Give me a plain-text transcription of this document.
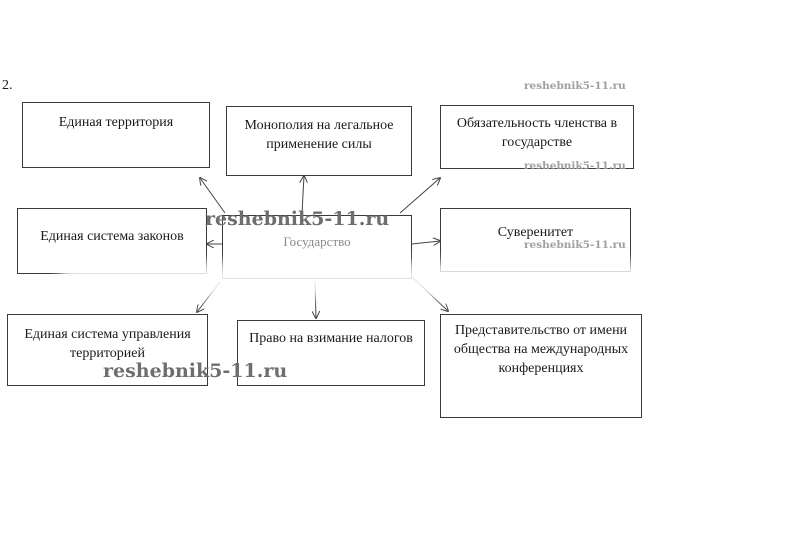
2.
Единая территория	Монополия на легальное применение силы
Обязательность членства в государстве
Единая система законов	Государство
Суверенитет
Единая система управления территорией
Право на взимание налогов
Представительство от имени общества на международных конференциях
reshebnik5-11.ru
reshebnik5-11.ru
reshebnik5-11.ru
reshebnik5-11.ru
reshebnik5-11.ru
